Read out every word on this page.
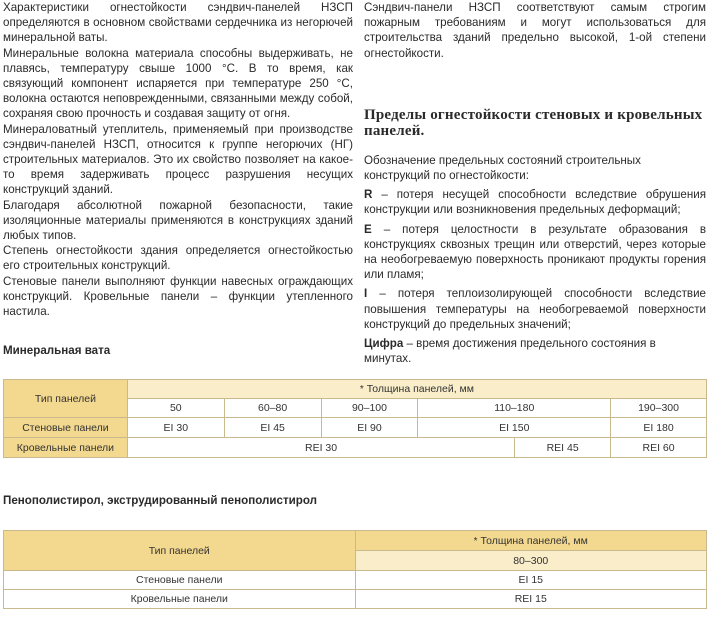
Характеристики огнестойкости сэндвич-панелей НЗСП определяются в основном свойствами сердечника из негорючей минеральной ваты.

Минеральные волокна материала способны выдерживать, не плавясь, температуру свыше 1000 °С. В то время, как связующий компонент испаряется при температуре 250 °С, волокна остаются неповрежденными, связанными между собой, сохраняя свою прочность и создавая защиту от огня.

Минераловатный утеплитель, применяемый при производстве сэндвич-панелей НЗСП, относится к группе негорючих (НГ) строительных материалов. Это их свойство позволяет на какое-то время задерживать процесс разрушения несущих конструкций зданий.

Благодаря абсолютной пожарной безопасности, такие изоляционные материалы применяются в конструкциях зданий любых типов.

Степень огнестойкости здания определяется огнестойкостью его строительных конструкций.

Стеновые панели выполняют функции навесных ограждающих конструкций. Кровельные панели – функции утепленного настила.

Сэндвич-панели НЗСП соответствуют самым строгим пожарным требованиям и могут использоваться для строительства зданий предельно высокой, 1-ой степени огнестойкости.

Пределы огнестойкости стеновых и кровельных панелей.

Обозначение предельных состояний строительных конструкций по огнестойкости:

R – потеря несущей способности вследствие обрушения конструкции или возникновения предельных деформаций;

E – потеря целостности в результате образования в конструкциях сквозных трещин или отверстий, через которые на необогреваемую поверхность проникают продукты горения или пламя;

I – потеря теплоизолирующей способности вследствие повышения температуры на необогреваемой поверхности конструкций до предельных значений;

Цифра – время достижения предельного состояния в минутах.

Минеральная вата
Тип панелей	* Толщина панелей, мм					
	50	60–80	90–100	110–180		190–300
Стеновые панели	EI 30	EI 45	EI 90	EI 150		EI 180
Кровельные панели	REI 30				REI 45	REI 60
Пенополистирол, экструдированный пенополистирол
Тип панелей	* Толщина панелей, мм
	80–300
Стеновые панели	EI 15
Кровельные панели	REI 15
